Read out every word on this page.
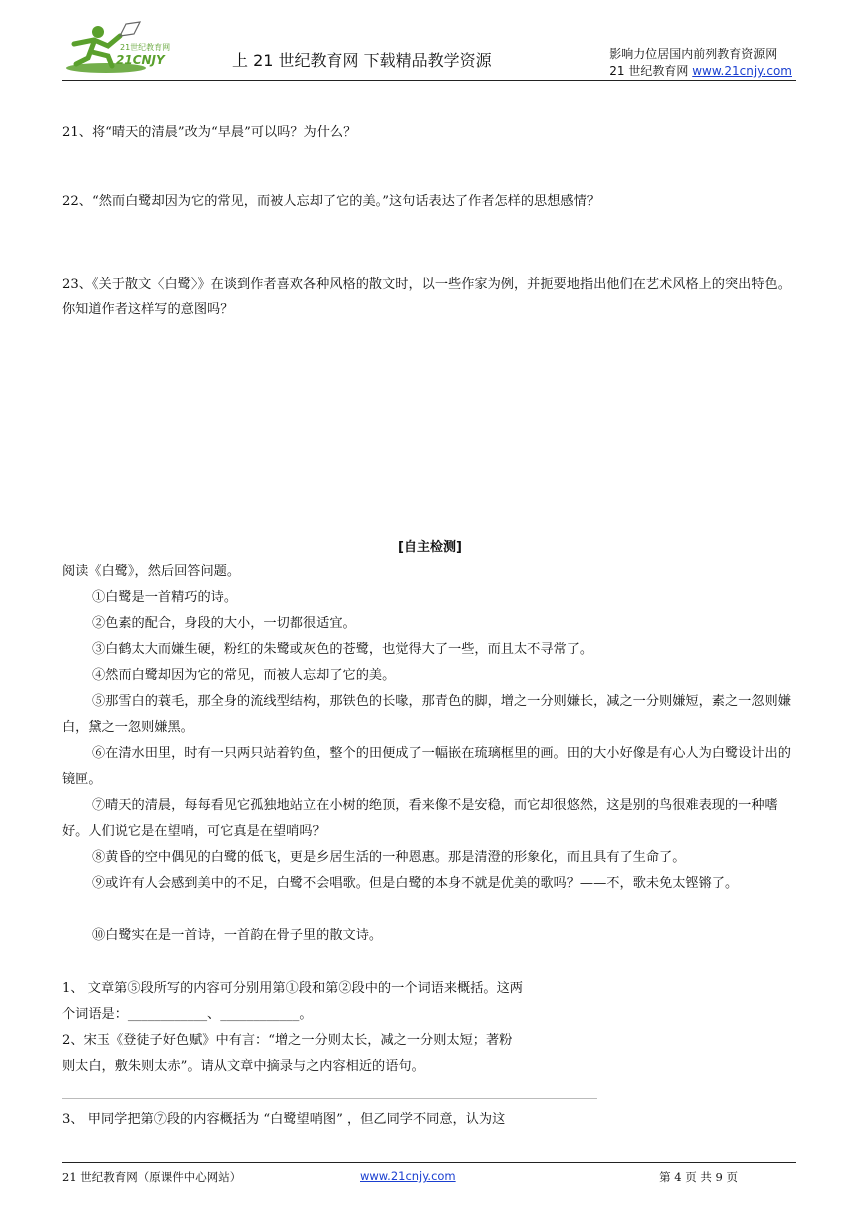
21世纪教育网
21CNJY	上 21 世纪教育网 下载精品教学资源	影响力位居国内前列教育资源网
21 世纪教育网 www.21cnjy.com
21、将“晴天的清晨”改为“早晨”可以吗？为什么？
22、“然而白鹭却因为它的常见，而被人忘却了它的美。”这句话表达了作者怎样的思想感情？
23、《关于散文〈白鹭〉》在谈到作者喜欢各种风格的散文时，以一些作家为例，并扼要地指出他们在艺术风格上的突出特色。你知道作者这样写的意图吗？
[自主检测]
阅读《白鹭》，然后回答问题。
①白鹭是一首精巧的诗。
②色素的配合，身段的大小，一切都很适宜。
③白鹤太大而嫌生硬，粉红的朱鹭或灰色的苍鹭，也觉得大了一些，而且太不寻常了。
④然而白鹭却因为它的常见，而被人忘却了它的美。
⑤那雪白的蓑毛，那全身的流线型结构，那铁色的长喙，那青色的脚，增之一分则嫌长，减之一分则嫌短，素之一忽则嫌白，黛之一忽则嫌黑。
⑥在清水田里，时有一只两只站着钓鱼，整个的田便成了一幅嵌在琉璃框里的画。田的大小好像是有心人为白鹭设计出的镜匣。
⑦晴天的清晨，每每看见它孤独地站立在小树的绝顶，看来像不是安稳，而它却很悠然，这是别的鸟很难表现的一种嗜好。人们说它是在望哨，可它真是在望哨吗？
⑧黄昏的空中偶见的白鹭的低飞，更是乡居生活的一种恩惠。那是清澄的形象化，而且具有了生命了。
⑨或许有人会感到美中的不足，白鹭不会唱歌。但是白鹭的本身不就是优美的歌吗？——不，歌未免太铿锵了。
⑩白鹭实在是一首诗，一首韵在骨子里的散文诗。
1、 文章第⑤段所写的内容可分别用第①段和第②段中的一个词语来概括。这两
个词语是：____________、____________。
2、宋玉《登徒子好色赋》中有言：“增之一分则太长，减之一分则太短；著粉
则太白，敷朱则太赤”。请从文章中摘录与之内容相近的语句。
3、 甲同学把第⑦段的内容概括为 “白鹭望哨图” ，但乙同学不同意，认为这
21 世纪教育网（原课件中心网站）	www.21cnjy.com	第 4 页 共 9 页
